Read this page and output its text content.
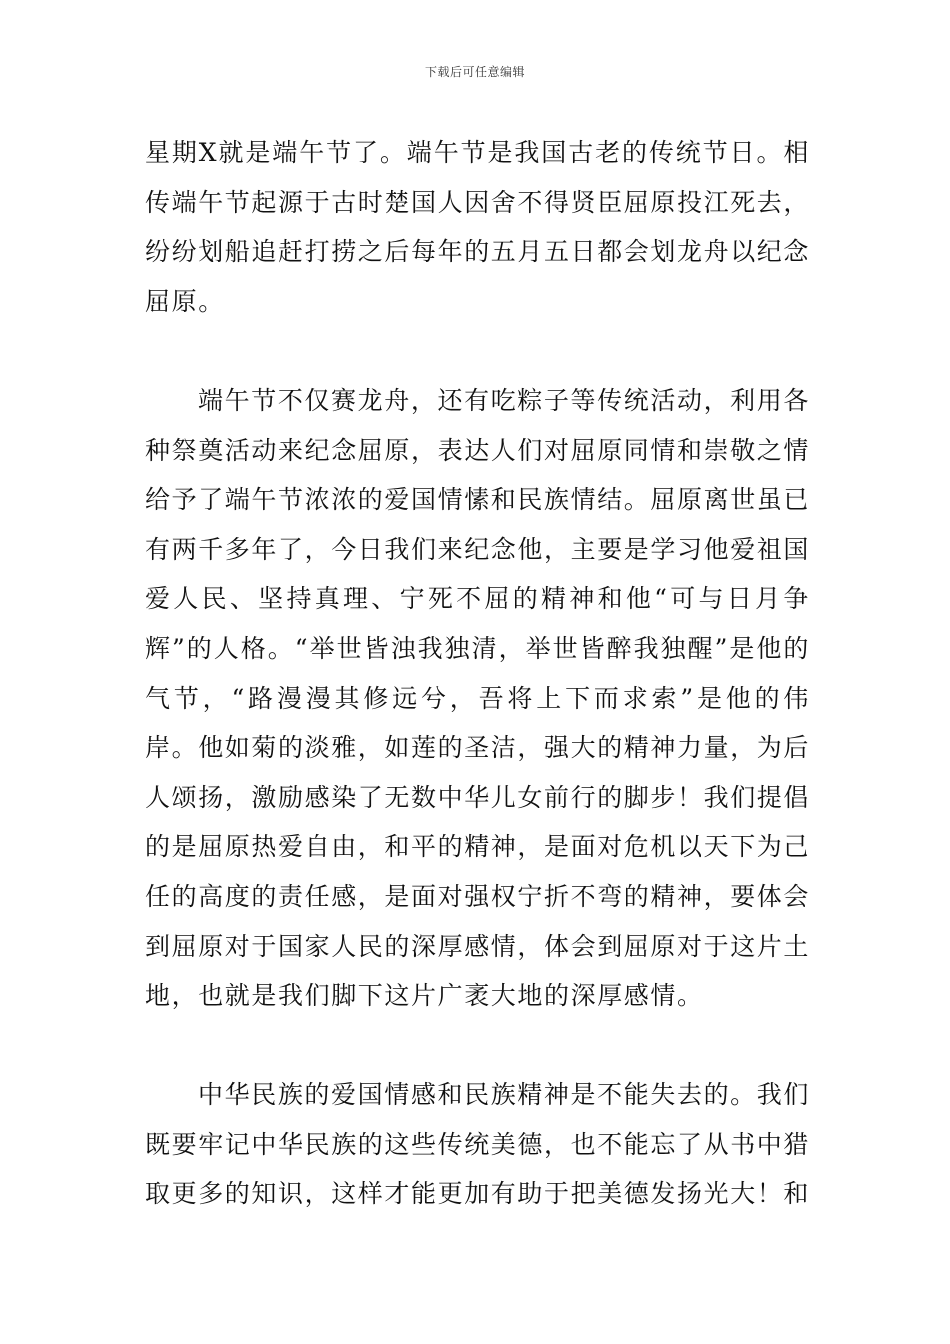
下载后可任意编辑

星期X就是端午节了。端午节是我国古老的传统节日。相传端午节起源于古时楚国人因舍不得贤臣屈原投江死去，纷纷划船追赶打捞之后每年的五月五日都会划龙舟以纪念屈原。

端午节不仅赛龙舟，还有吃粽子等传统活动，利用各种祭奠活动来纪念屈原，表达人们对屈原同情和崇敬之情给予了端午节浓浓的爱国情愫和民族情结。屈原离世虽已有两千多年了，今日我们来纪念他，主要是学习他爱祖国爱人民、坚持真理、宁死不屈的精神和他“可与日月争辉”的人格。“举世皆浊我独清，举世皆醉我独醒”是他的气节，“路漫漫其修远兮，吾将上下而求索”是他的伟岸。他如菊的淡雅，如莲的圣洁，强大的精神力量，为后人颂扬，激励感染了无数中华儿女前行的脚步！我们提倡的是屈原热爱自由，和平的精神，是面对危机以天下为己任的高度的责任感，是面对强权宁折不弯的精神，要体会到屈原对于国家人民的深厚感情，体会到屈原对于这片土地，也就是我们脚下这片广袤大地的深厚感情。

中华民族的爱国情感和民族精神是不能失去的。我们既要牢记中华民族的这些传统美德，也不能忘了从书中猎取更多的知识，这样才能更加有助于把美德发扬光大！和
